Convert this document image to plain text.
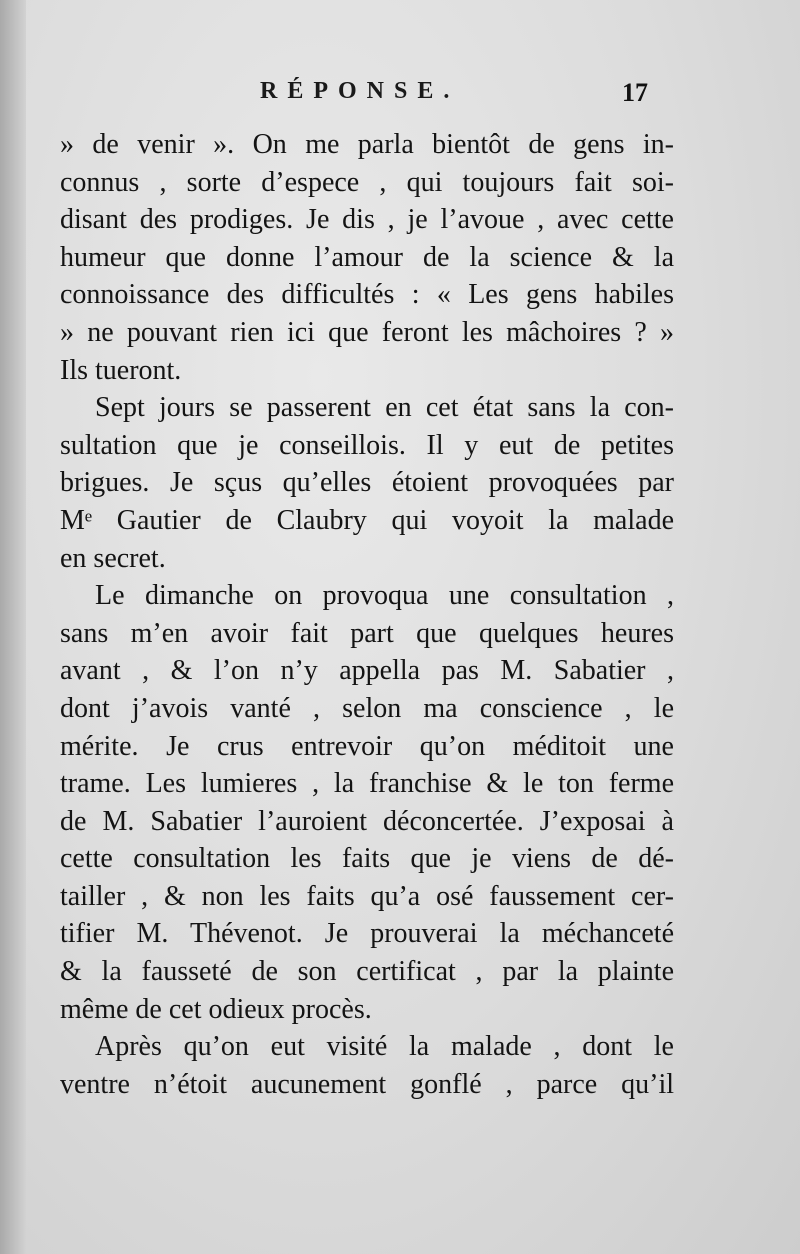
RÉPONSE.	17
» de venir ». On me parla bientôt de gens in-
connus , sorte d’espece , qui toujours fait soi-
disant des prodiges. Je dis , je l’avoue , avec cette
humeur que donne l’amour de la science & la
connoissance des difficultés : « Les gens habiles
» ne pouvant rien ici que feront les mâchoires ? »
Ils tueront.
Sept jours se passerent en cet état sans la con-
sultation que je conseillois. Il y eut de petites
brigues. Je sçus qu’elles étoient provoquées par
Mᵉ Gautier de Claubry qui voyoit la malade
en secret.
Le dimanche on provoqua une consultation ,
sans m’en avoir fait part que quelques heures
avant , & l’on n’y appella pas M. Sabatier ,
dont j’avois vanté , selon ma conscience , le
mérite. Je crus entrevoir qu’on méditoit une
trame. Les lumieres , la franchise & le ton ferme
de M. Sabatier l’auroient déconcertée. J’exposai à
cette consultation les faits que je viens de dé-
tailler , & non les faits qu’a osé faussement cer-
tifier M. Thévenot. Je prouverai la méchanceté
& la fausseté de son certificat , par la plainte
même de cet odieux procès.
Après qu’on eut visité la malade , dont le
ventre n’étoit aucunement gonflé , parce qu’il
